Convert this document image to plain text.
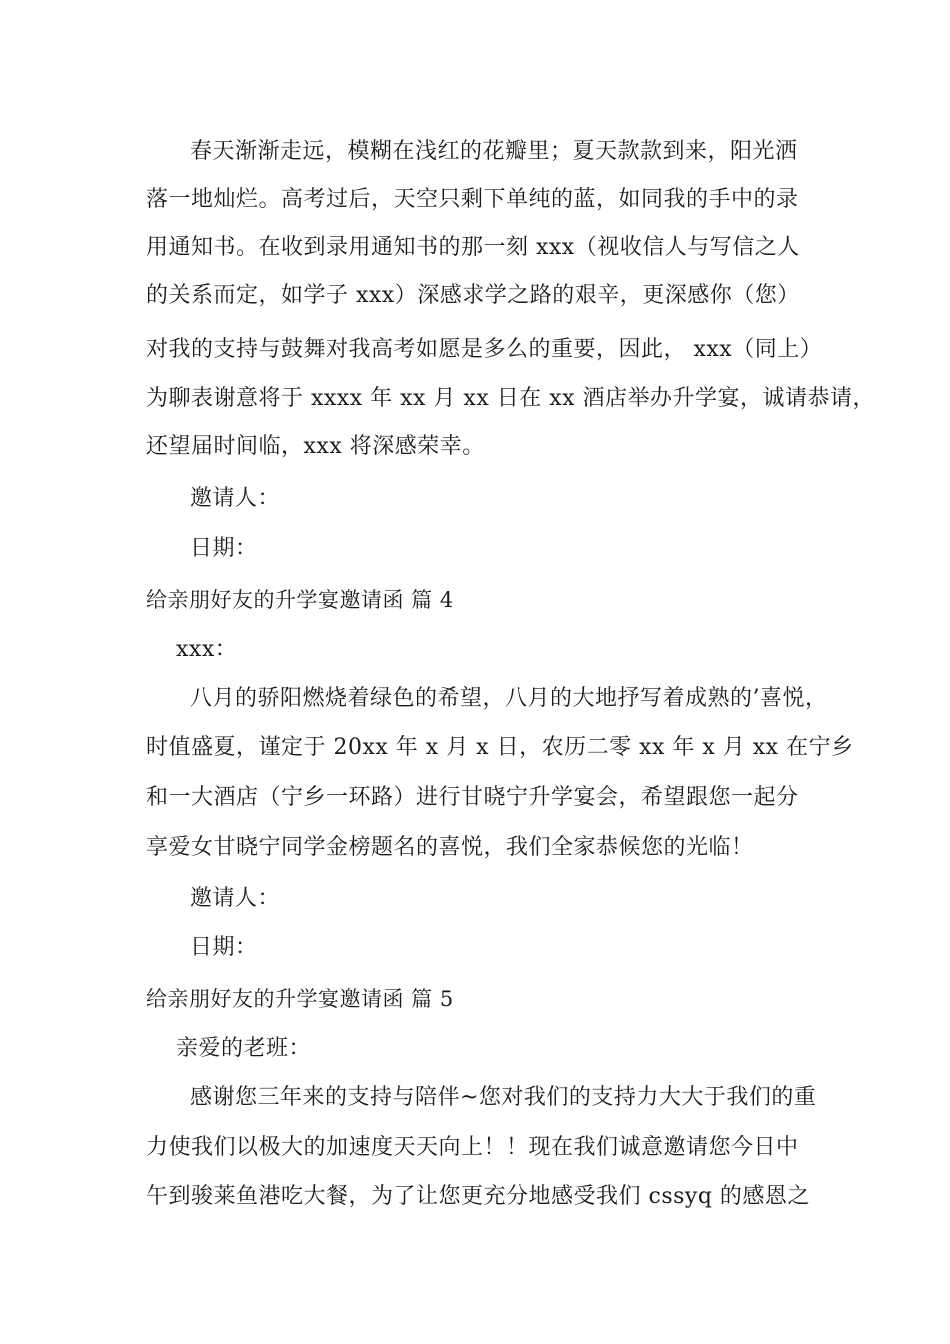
春天渐渐走远，模糊在浅红的花瓣里；夏天款款到来，阳光洒
落一地灿烂。高考过后，天空只剩下单纯的蓝，如同我的手中的录
用通知书。在收到录用通知书的那一刻 xxx（视收信人与写信之人
的关系而定，如学子 xxx）深感求学之路的艰辛，更深感你（您）
对我的支持与鼓舞对我高考如愿是多么的重要，因此， xxx（同上）
为聊表谢意将于 xxxx 年 xx 月 xx 日在 xx 酒店举办升学宴，诚请恭请，
还望届时间临，xxx 将深感荣幸。
邀请人：
日期：
给亲朋好友的升学宴邀请函 篇 4
xxx：
八月的骄阳燃烧着绿色的希望，八月的大地抒写着成熟的’喜悦，
时值盛夏，谨定于 20xx 年 x 月 x 日，农历二零 xx 年 x 月 xx 在宁乡
和一大酒店（宁乡一环路）进行甘晓宁升学宴会，希望跟您一起分
享爱女甘晓宁同学金榜题名的喜悦，我们全家恭候您的光临！
邀请人：
日期：
给亲朋好友的升学宴邀请函 篇 5
亲爱的老班：
感谢您三年来的支持与陪伴~您对我们的支持力大大于我们的重
力使我们以极大的加速度天天向上！！现在我们诚意邀请您今日中
午到骏莱鱼港吃大餐，为了让您更充分地感受我们 cssyq 的感恩之
